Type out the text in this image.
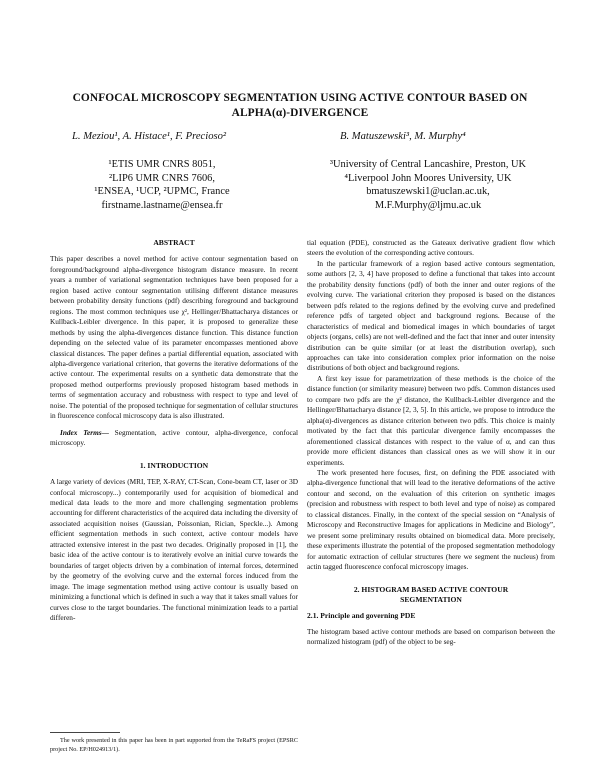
CONFOCAL MICROSCOPY SEGMENTATION USING ACTIVE CONTOUR BASED ON
ALPHA(α)-DIVERGENCE
L. Meziou¹, A. Histace¹, F. Precioso²	B. Matuszewski³, M. Murphy⁴
¹ETIS UMR CNRS 8051,
²LIP6 UMR CNRS 7606,
¹ENSEA, ¹UCP, ²UPMC, France
firstname.lastname@ensea.fr
³University of Central Lancashire, Preston, UK
⁴Liverpool John Moores University, UK
bmatuszewski1@uclan.ac.uk,
M.F.Murphy@ljmu.ac.uk

ABSTRACT

This paper describes a novel method for active contour segmentation based on foreground/background alpha-divergence histogram distance measure. In recent years a number of variational segmentation techniques have been proposed for a region based active contour segmentation utilising different distance measures between probability density functions (pdf) describing foreground and background regions. The most common techniques use χ², Hellinger/Bhattacharya distances or Kullback-Leibler divergence. In this paper, it is proposed to generalize these methods by using the alpha-divergences distance function. This distance function depending on the selected value of its parameter encompasses mentioned above classical distances. The paper defines a partial differential equation, associated with alpha-divergence variational criterion, that governs the iterative deformations of the active contour. The experimental results on a synthetic data demonstrate that the proposed method outperforms previously proposed histogram based methods in terms of segmentation accuracy and robustness with respect to type and level of noise. The potential of the proposed technique for segmentation of cellular structures in fluorescence confocal microscopy data is also illustrated.

Index Terms— Segmentation, active contour, alpha-divergence, confocal microscopy.

1. INTRODUCTION

A large variety of devices (MRI, TEP, X-RAY, CT-Scan, Cone-beam CT, laser or 3D confocal microscopy...) contemporarily used for acquisition of biomedical and medical data leads to the more and more challenging segmentation problems accounting for different characteristics of the acquired data including the diversity of associated acquisition noises (Gaussian, Poissonian, Rician, Speckle...). Among efficient segmentation methods in such context, active contour models have attracted extensive interest in the past two decades. Originally proposed in [1], the basic idea of the active contour is to iteratively evolve an initial curve towards the boundaries of target objects driven by a combination of internal forces, determined by the geometry of the evolving curve and the external forces induced from the image. The image segmentation method using active contour is usually based on minimizing a functional which is defined in such a way that it takes small values for curves close to the target boundaries. The functional minimization leads to a partial differen-

The work presented in this paper has been in part supported from the TeRaFS project (EPSRC project No. EP/H024913/1).

tial equation (PDE), constructed as the Gateaux derivative gradient flow which steers the evolution of the corresponding active contours.

In the particular framework of a region based active contours segmentation, some authors [2, 3, 4] have proposed to define a functional that takes into account the probability density functions (pdf) of both the inner and outer regions of the evolving curve. The variational criterion they proposed is based on the distances between pdfs related to the regions defined by the evolving curve and predefined reference pdfs of targeted object and background regions. Because of the characteristics of medical and biomedical images in which boundaries of target objects (organs, cells) are not well-defined and the fact that inner and outer intensity distribution can be quite similar (or at least the distribution overlap), such approaches can take into consideration complex prior information on the noise distributions of both object and background regions.

A first key issue for parametrization of these methods is the choice of the distance function (or similarity measure) between two pdfs. Common distances used to compare two pdfs are the χ² distance, the Kullback-Leibler divergence and the Hellinger/Bhattacharya distance [2, 3, 5]. In this article, we propose to introduce the alpha(α)-divergences as distance criterion between two pdfs. This choice is mainly motivated by the fact that this particular divergence family encompasses the aforementioned classical distances with respect to the value of α, and can thus provide more efficient distances than classical ones as we will show it in our experiments.

The work presented here focuses, first, on defining the PDE associated with alpha-divergence functional that will lead to the iterative deformations of the active contour and second, on the evaluation of this criterion on synthetic images (precision and robustness with respect to both level and type of noise) as compared to classical distances. Finally, in the context of the special session on “Analysis of Microscopy and Reconstructive Images for applications in Medicine and Biology”, we present some preliminary results obtained on biomedical data. More precisely, these experiments illustrate the potential of the proposed segmentation methodology for automatic extraction of cellular structures (here we segment the nucleus) from actin tagged fluorescence confocal microscopy images.

2. HISTOGRAM BASED ACTIVE CONTOUR
SEGMENTATION

2.1. Principle and governing PDE

The histogram based active contour methods are based on comparison between the normalized histogram (pdf) of the object to be seg-
